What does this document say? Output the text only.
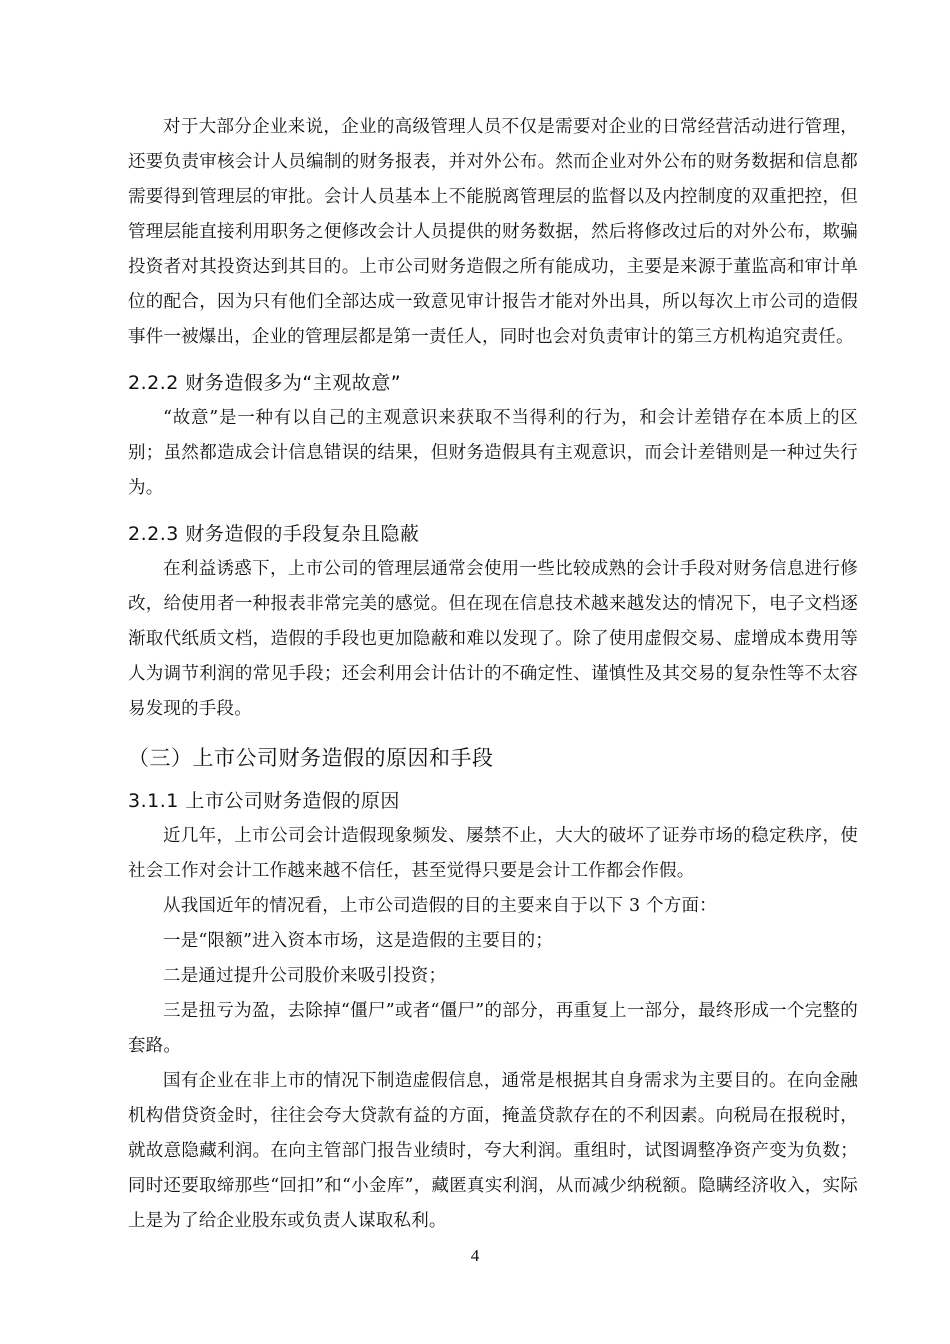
对于大部分企业来说，企业的高级管理人员不仅是需要对企业的日常经营活动进行管理，还要负责审核会计人员编制的财务报表，并对外公布。然而企业对外公布的财务数据和信息都需要得到管理层的审批。会计人员基本上不能脱离管理层的监督以及内控制度的双重把控，但管理层能直接利用职务之便修改会计人员提供的财务数据，然后将修改过后的对外公布，欺骗投资者对其投资达到其目的。上市公司财务造假之所有能成功，主要是来源于董监高和审计单位的配合，因为只有他们全部达成一致意见审计报告才能对外出具，所以每次上市公司的造假事件一被爆出，企业的管理层都是第一责任人，同时也会对负责审计的第三方机构追究责任。

2.2.2 财务造假多为“主观故意”

“故意”是一种有以自己的主观意识来获取不当得利的行为，和会计差错存在本质上的区别；虽然都造成会计信息错误的结果，但财务造假具有主观意识，而会计差错则是一种过失行为。

2.2.3 财务造假的手段复杂且隐蔽

在利益诱惑下，上市公司的管理层通常会使用一些比较成熟的会计手段对财务信息进行修改，给使用者一种报表非常完美的感觉。但在现在信息技术越来越发达的情况下，电子文档逐渐取代纸质文档，造假的手段也更加隐蔽和难以发现了。除了使用虚假交易、虚增成本费用等人为调节利润的常见手段；还会利用会计估计的不确定性、谨慎性及其交易的复杂性等不太容易发现的手段。

（三）上市公司财务造假的原因和手段
3.1.1 上市公司财务造假的原因

近几年，上市公司会计造假现象频发、屡禁不止，大大的破坏了证券市场的稳定秩序，使社会工作对会计工作越来越不信任，甚至觉得只要是会计工作都会作假。

从我国近年的情况看，上市公司造假的目的主要来自于以下 3 个方面：

一是“限额”进入资本市场，这是造假的主要目的；

二是通过提升公司股价来吸引投资；

三是扭亏为盈，去除掉“僵尸”或者“僵尸”的部分，再重复上一部分，最终形成一个完整的套路。

国有企业在非上市的情况下制造虚假信息，通常是根据其自身需求为主要目的。在向金融机构借贷资金时，往往会夸大贷款有益的方面，掩盖贷款存在的不利因素。向税局在报税时，就故意隐藏利润。在向主管部门报告业绩时，夸大利润。重组时，试图调整净资产变为负数；同时还要取缔那些“回扣”和“小金库”，藏匿真实利润，从而减少纳税额。隐瞒经济收入，实际上是为了给企业股东或负责人谋取私利。

4
